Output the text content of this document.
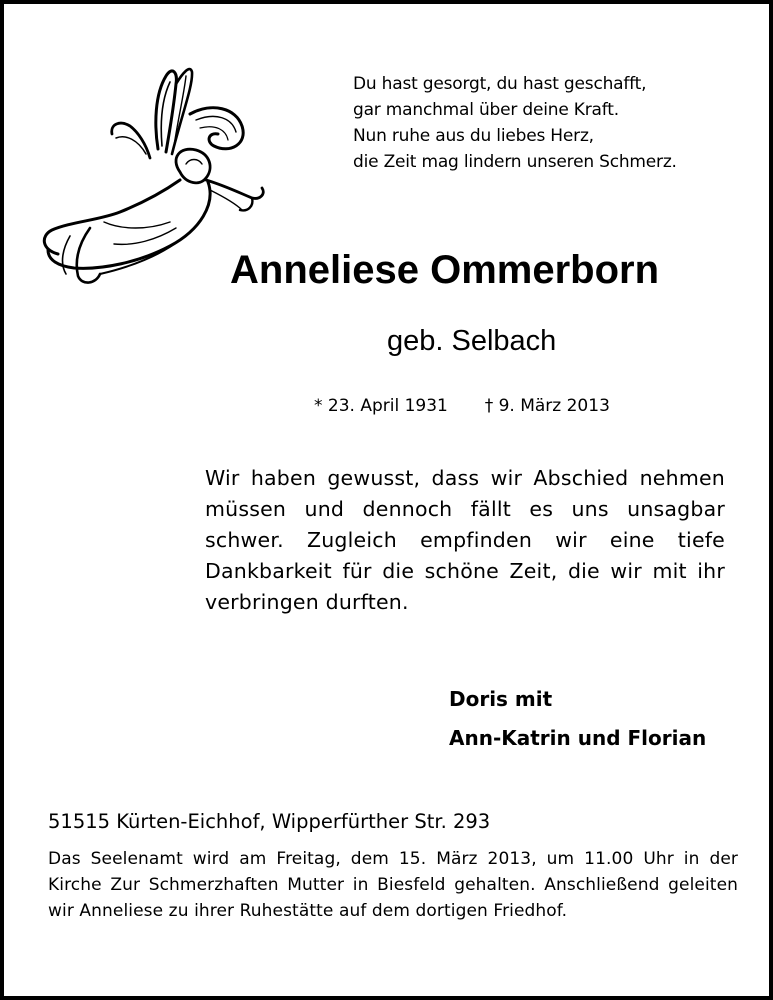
Du hast gesorgt, du hast geschafft,
gar manchmal über deine Kraft.
Nun ruhe aus du liebes Herz,
die Zeit mag lindern unseren Schmerz.
Anneliese Ommerborn
geb. Selbach
* 23. April 1931 † 9. März 2013
Wir haben gewusst, dass wir Abschied nehmen müssen und dennoch fällt es uns unsagbar schwer. Zugleich empfinden wir eine tiefe Dankbarkeit für die schöne Zeit, die wir mit ihr verbringen durften.
Doris mit
Ann-Katrin und Florian
51515 Kürten-Eichhof, Wipperfürther Str. 293
Das Seelenamt wird am Freitag, dem 15. März 2013, um 11.00 Uhr in der Kirche Zur Schmerzhaften Mutter in Biesfeld gehalten. Anschließend geleiten wir Anneliese zu ihrer Ruhestätte auf dem dortigen Friedhof.
